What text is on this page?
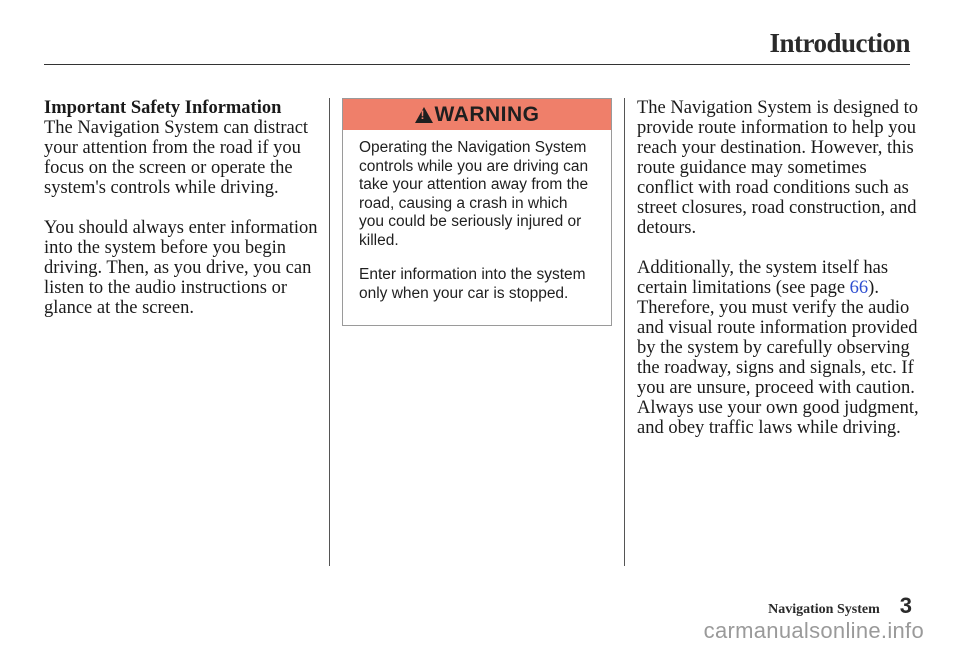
Introduction
Important Safety Information

The Navigation System can distract your attention from the road if you focus on the screen or operate the system's controls while driving.

You should always enter information into the system before you begin driving. Then, as you drive, you can listen to the audio instructions or glance at the screen.

!
WARNING

Operating the Navigation System controls while you are driving can take your attention away from the road, causing a crash in which you could be seriously injured or killed.

Enter information into the system only when your car is stopped.

The Navigation System is designed to provide route information to help you reach your destination. However, this route guidance may sometimes conflict with road conditions such as street closures, road construction, and detours.

Additionally, the system itself has certain limitations (see page 66). Therefore, you must verify the audio and visual route information provided by the system by carefully observing the roadway, signs and signals, etc. If you are unsure, proceed with caution. Always use your own good judgment, and obey traffic laws while driving.

Navigation System 3
carmanualsonline.info
